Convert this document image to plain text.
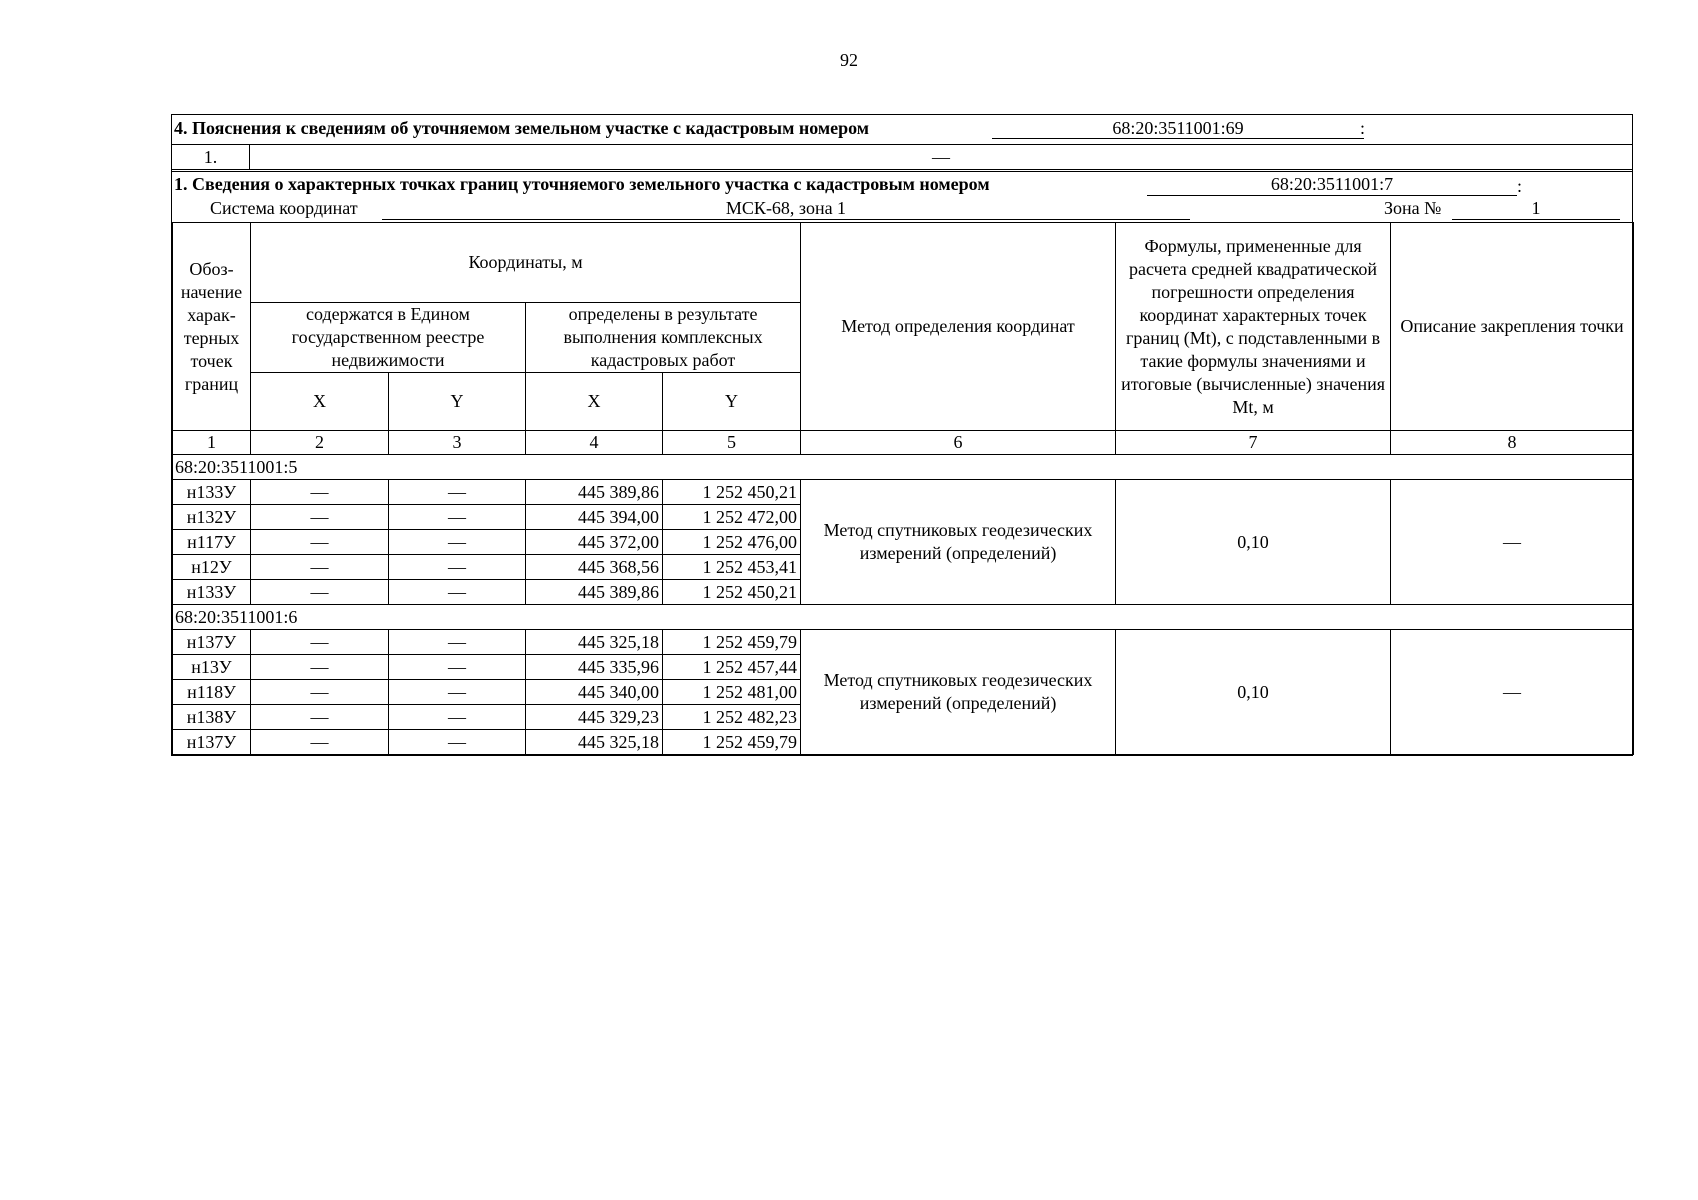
92
4. Пояснения к сведениям об уточняемом земельном участке с кадастровым номером	68:20:3511001:69	:
1.	—
1. Сведения о характерных точках границ уточняемого земельного участка с кадастровым номером	68:20:3511001:7	:
Система координат	МСК-68, зона 1	Зона №	1
Обоз-начение харак-терных точек границ	Координаты, м				Метод определения координат	Формулы, примененные для расчета средней квадратической погрешности определения координат характерных точек границ (Mt), с подставленными в такие формулы значениями и итоговые (вычисленные) значения Mt, м	Описание закрепления точки
	содержатся в Едином государственном реестре недвижимости		определены в результате выполнения комплексных кадастровых работ				
	X	Y	X	Y			
1	2	3	4	5	6	7	8
68:20:3511001:5							
н133У	—	—	445 389,86	1 252 450,21	Метод спутниковых геодезических измерений (определений)	0,10	—
н132У	—	—	445 394,00	1 252 472,00			
н117У	—	—	445 372,00	1 252 476,00			
н12У	—	—	445 368,56	1 252 453,41			
н133У	—	—	445 389,86	1 252 450,21			
68:20:3511001:6							
н137У	—	—	445 325,18	1 252 459,79	Метод спутниковых геодезических измерений (определений)	0,10	—
н13У	—	—	445 335,96	1 252 457,44			
н118У	—	—	445 340,00	1 252 481,00			
н138У	—	—	445 329,23	1 252 482,23			
н137У	—	—	445 325,18	1 252 459,79			
